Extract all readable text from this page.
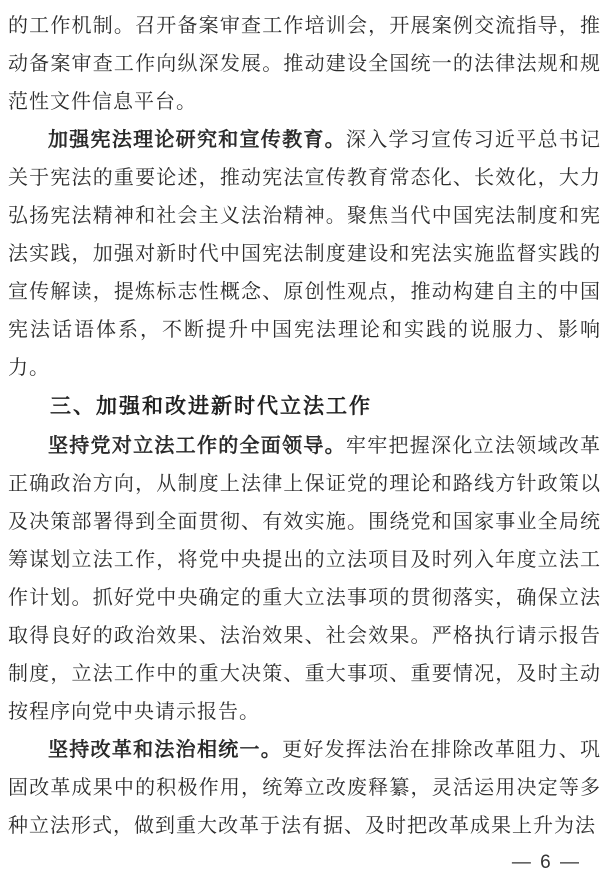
的工作机制。召开备案审查工作培训会，开展案例交流指导，推动备案审查工作向纵深发展。推动建设全国统一的法律法规和规范性文件信息平台。

加强宪法理论研究和宣传教育。深入学习宣传习近平总书记关于宪法的重要论述，推动宪法宣传教育常态化、长效化，大力弘扬宪法精神和社会主义法治精神。聚焦当代中国宪法制度和宪法实践，加强对新时代中国宪法制度建设和宪法实施监督实践的宣传解读，提炼标志性概念、原创性观点，推动构建自主的中国宪法话语体系，不断提升中国宪法理论和实践的说服力、影响力。

三、加强和改进新时代立法工作

坚持党对立法工作的全面领导。牢牢把握深化立法领域改革正确政治方向，从制度上法律上保证党的理论和路线方针政策以及决策部署得到全面贯彻、有效实施。围绕党和国家事业全局统筹谋划立法工作，将党中央提出的立法项目及时列入年度立法工作计划。抓好党中央确定的重大立法事项的贯彻落实，确保立法取得良好的政治效果、法治效果、社会效果。严格执行请示报告制度，立法工作中的重大决策、重大事项、重要情况，及时主动按程序向党中央请示报告。

坚持改革和法治相统一。更好发挥法治在排除改革阻力、巩固改革成果中的积极作用，统筹立改废释纂，灵活运用决定等多种立法形式，做到重大改革于法有据、及时把改革成果上升为法

— 6 —
